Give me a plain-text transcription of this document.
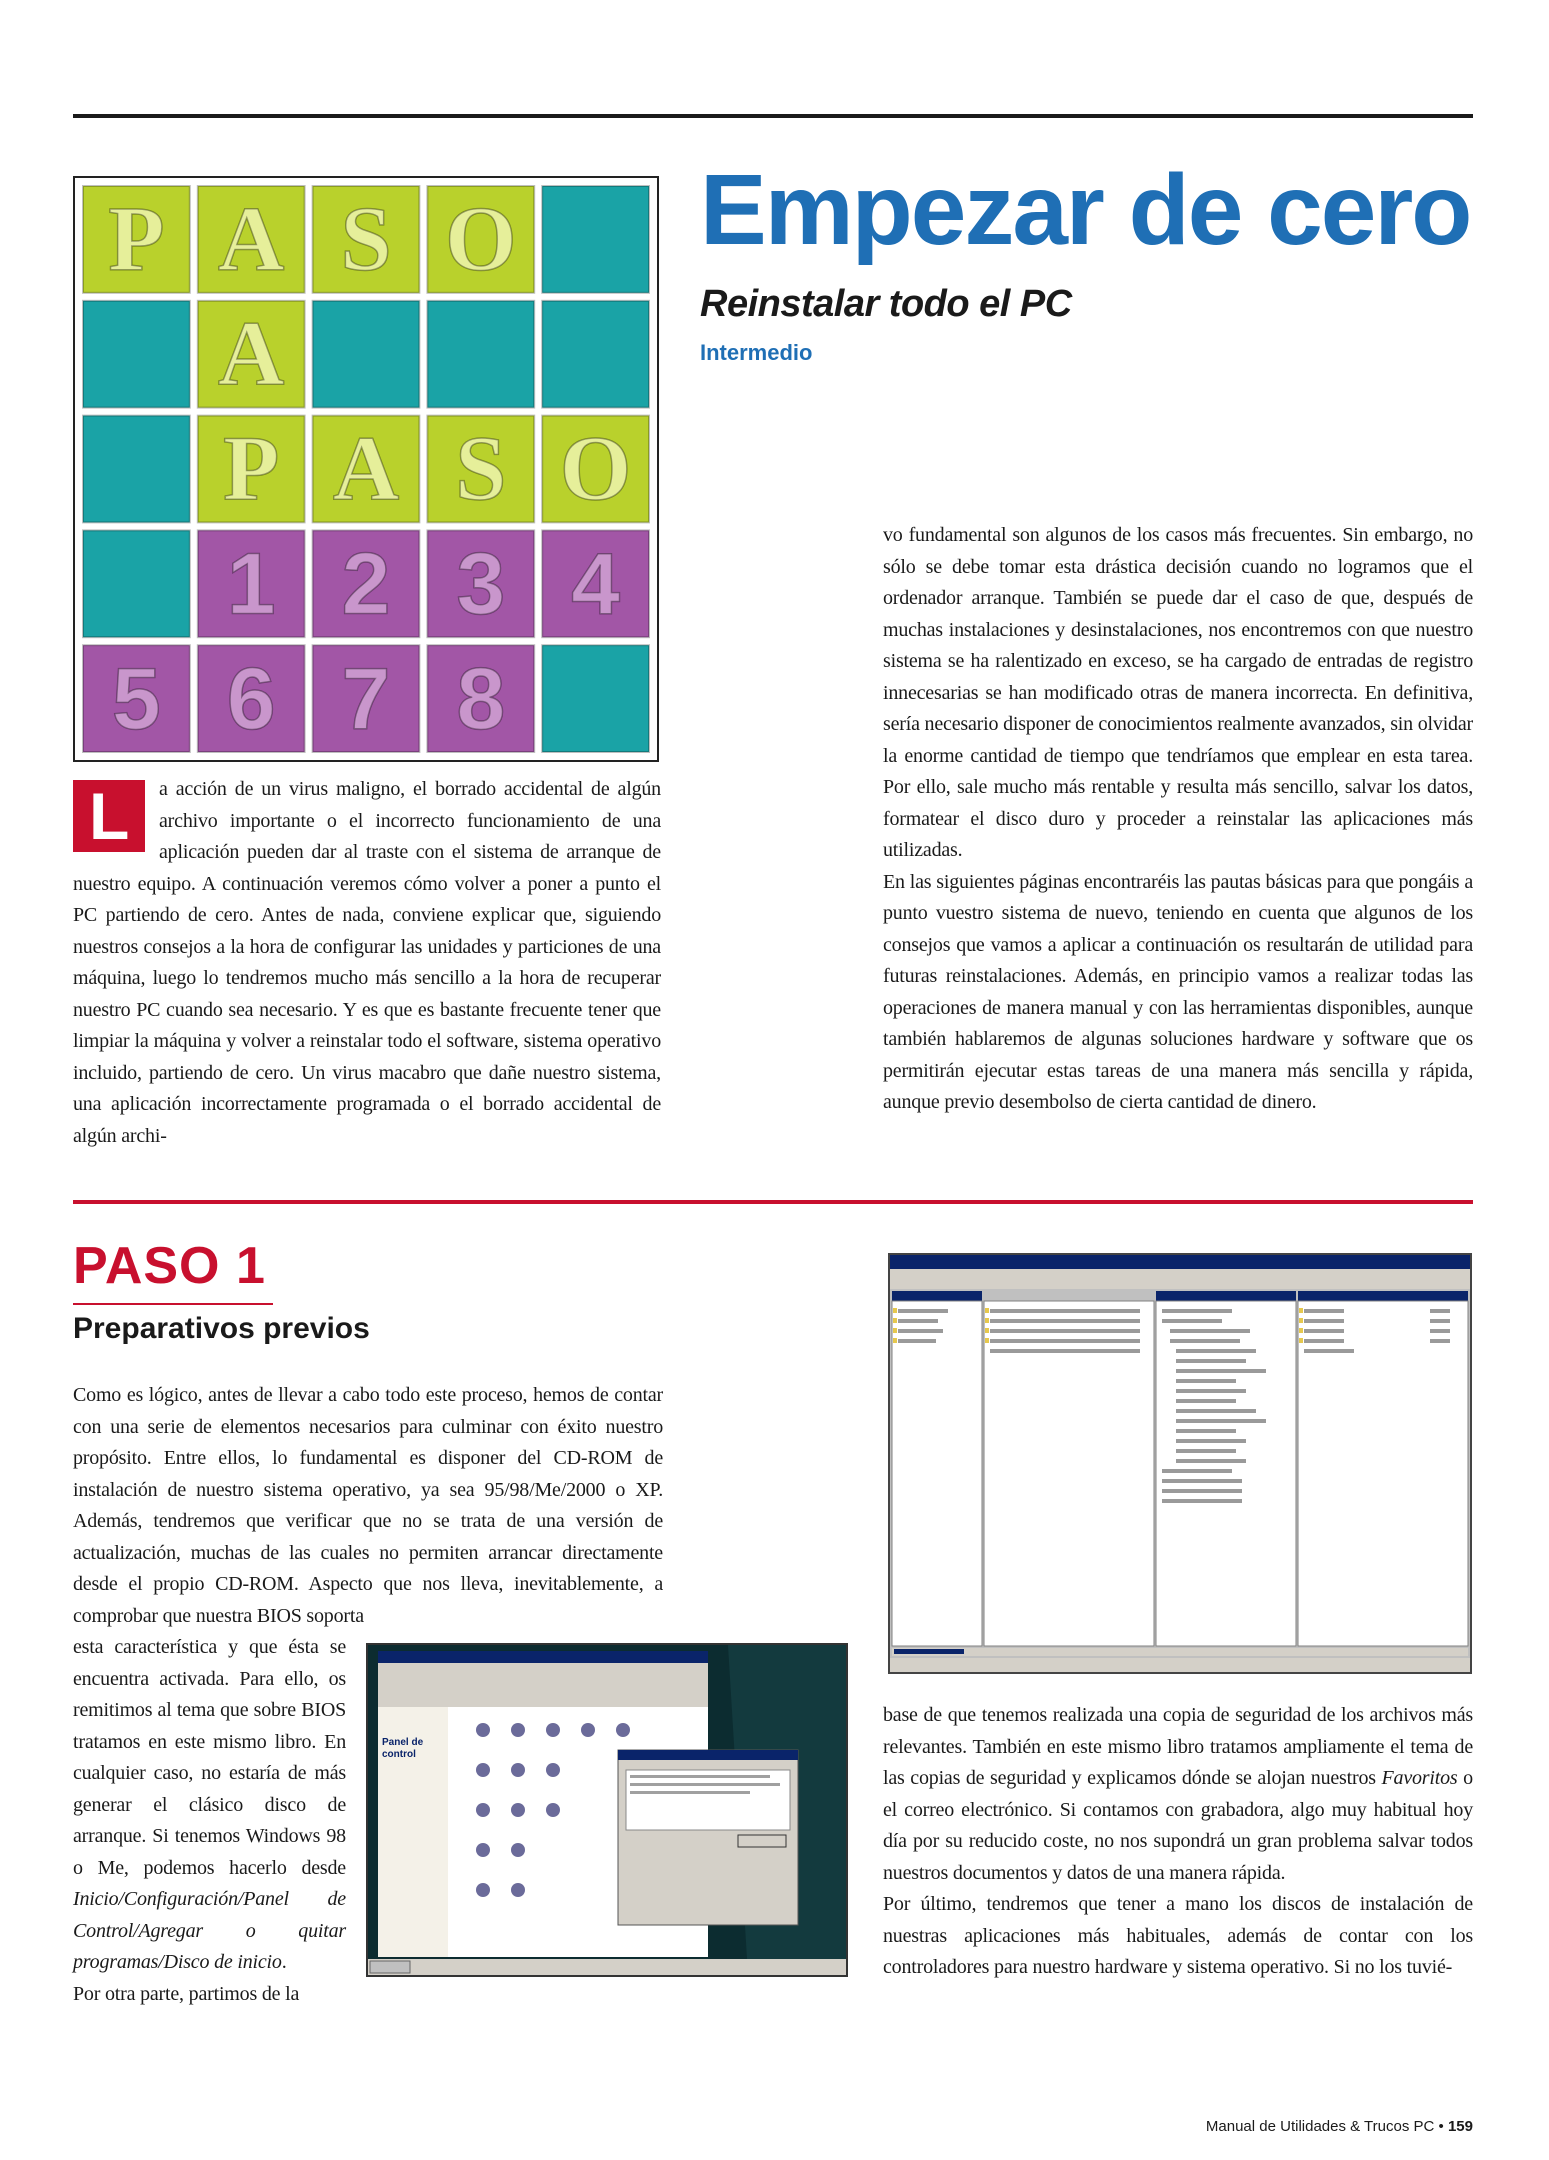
P A S O
A
P A S O
1 2 3 4
5 6 7 8
Empezar de cero
Reinstalar todo el PC
Intermedio

L	a acción de un virus maligno, el borrado accidental de algún archivo importante o el incorrecto funcionamiento de una aplicación pueden dar al traste con el sistema de arranque de nuestro equipo. A continuación veremos cómo volver a poner a punto el PC partiendo de cero. Antes de nada, conviene explicar que, siguiendo nuestros consejos a la hora de configurar las unidades y particiones de una máquina, luego lo tendremos mucho más sencillo a la hora de recuperar nuestro PC cuando sea necesario. Y es que es bastante frecuente tener que limpiar la máquina y volver a reinstalar todo el software, sistema operativo incluido, partiendo de cero. Un virus macabro que dañe nuestro sistema, una aplicación incorrectamente programada o el borrado accidental de algún archi-

vo fundamental son algunos de los casos más frecuentes. Sin embargo, no sólo se debe tomar esta drástica decisión cuando no logramos que el ordenador arranque. También se puede dar el caso de que, después de muchas instalaciones y desinstalaciones, nos encontremos con que nuestro sistema se ha ralentizado en exceso, se ha cargado de entradas de registro innecesarias se han modificado otras de manera incorrecta. En definitiva, sería necesario disponer de conocimientos realmente avanzados, sin olvidar la enorme cantidad de tiempo que tendríamos que emplear en esta tarea. Por ello, sale mucho más rentable y resulta más sencillo, salvar los datos, formatear el disco duro y proceder a reinstalar las aplicaciones más utilizadas.

En las siguientes páginas encontraréis las pautas básicas para que pongáis a punto vuestro sistema de nuevo, teniendo en cuenta que algunos de los consejos que vamos a aplicar a continuación os resultarán de utilidad para futuras reinstalaciones. Además, en principio vamos a realizar todas las operaciones de manera manual y con las herramientas disponibles, aunque también hablaremos de algunas soluciones hardware y software que os permitirán ejecutar estas tareas de una manera más sencilla y rápida, aunque previo desembolso de cierta cantidad de dinero.

PASO 1
Preparativos previos

Como es lógico, antes de llevar a cabo todo este proceso, hemos de contar con una serie de elementos necesarios para culminar con éxito nuestro propósito. Entre ellos, lo fundamental es disponer del CD-ROM de instalación de nuestro sistema operativo, ya sea 95/98/Me/2000 o XP. Además, tendremos que verificar que no se trata de una versión de actualización, muchas de las cuales no permiten arrancar directamente desde el propio CD-ROM. Aspecto que nos lleva, inevitablemente, a comprobar que nuestra BIOS soporta

esta característica y que ésta se encuentra activada. Para ello, os remitimos al tema que sobre BIOS tratamos en este mismo libro. En cualquier caso, no estaría de más generar el clásico disco de arranque. Si tenemos Windows 98 o Me, podemos hacerlo desde Inicio/Configuración/Panel de Control/Agregar o quitar programas/Disco de inicio.

Por otra parte, partimos de la

base de que tenemos realizada una copia de seguridad de los archivos más relevantes. También en este mismo libro tratamos ampliamente el tema de las copias de seguridad y explicamos dónde se alojan nuestros Favoritos o el correo electrónico. Si contamos con grabadora, algo muy habitual hoy día por su reducido coste, no nos supondrá un gran problema salvar todos nuestros documentos y datos de una manera rápida.

Por último, tendremos que tener a mano los discos de instalación de nuestras aplicaciones más habituales, además de contar con los controladores para nuestro hardware y sistema operativo. Si no los tuvié-

Panel de
control
Manual de Utilidades & Trucos PC • 159
